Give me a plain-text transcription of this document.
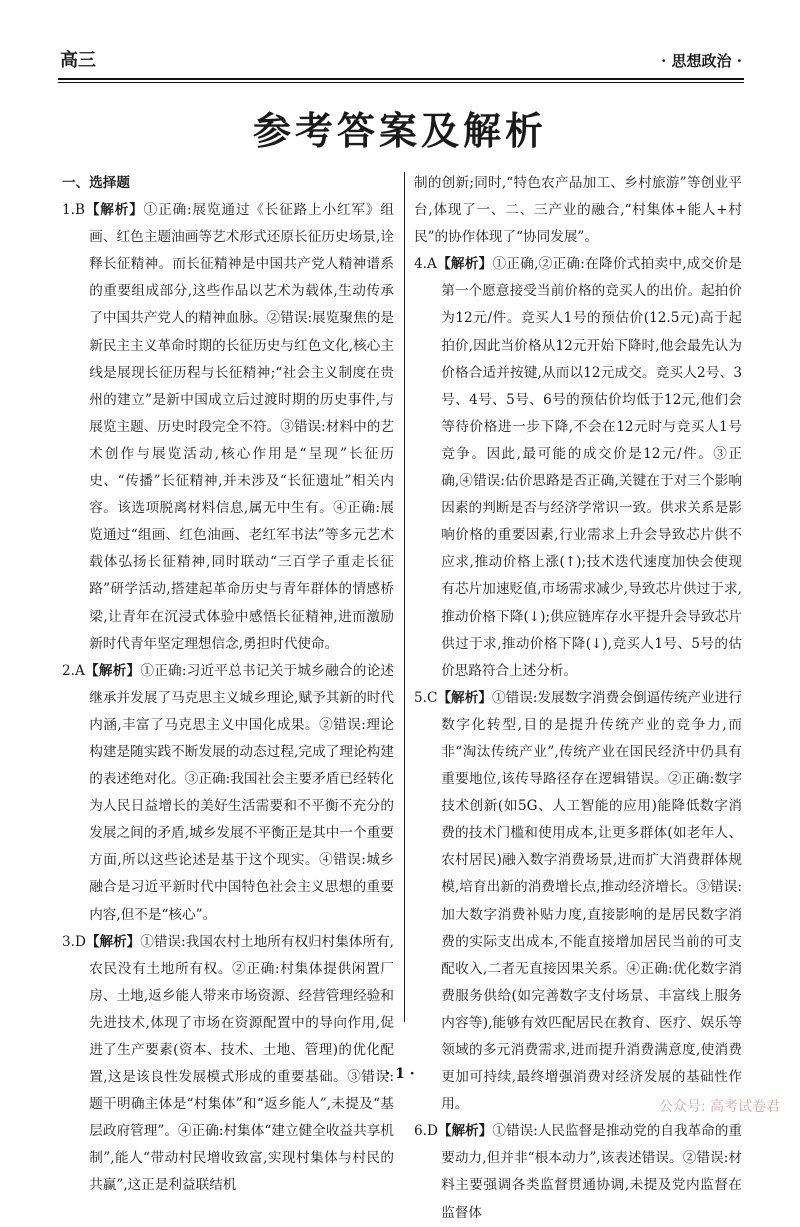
高三	· 思想政治 ·
参考答案及解析

一、选择题

1.B【解析】①正确:展览通过《长征路上小红军》组画、红色主题油画等艺术形式还原长征历史场景,诠释长征精神。而长征精神是中国共产党人精神谱系的重要组成部分,这些作品以艺术为载体,生动传承了中国共产党人的精神血脉。②错误:展览聚焦的是新民主主义革命时期的长征历史与红色文化,核心主线是展现长征历程与长征精神;“社会主义制度在贵州的建立”是新中国成立后过渡时期的历史事件,与展览主题、历史时段完全不符。③错误:材料中的艺术创作与展览活动,核心作用是“呈现”长征历史、“传播”长征精神,并未涉及“长征遗址”相关内容。该选项脱离材料信息,属无中生有。④正确:展览通过“组画、红色油画、老红军书法”等多元艺术载体弘扬长征精神,同时联动“三百学子重走长征路”研学活动,搭建起革命历史与青年群体的情感桥梁,让青年在沉浸式体验中感悟长征精神,进而激励新时代青年坚定理想信念,勇担时代使命。

2.A【解析】①正确:习近平总书记关于城乡融合的论述继承并发展了马克思主义城乡理论,赋予其新的时代内涵,丰富了马克思主义中国化成果。②错误:理论构建是随实践不断发展的动态过程,完成了理论构建的表述绝对化。③正确:我国社会主要矛盾已经转化为人民日益增长的美好生活需要和不平衡不充分的发展之间的矛盾,城乡发展不平衡正是其中一个重要方面,所以这些论述是基于这个现实。④错误:城乡融合是习近平新时代中国特色社会主义思想的重要内容,但不是“核心”。

3.D【解析】①错误:我国农村土地所有权归村集体所有,农民没有土地所有权。②正确:村集体提供闲置厂房、土地,返乡能人带来市场资源、经营管理经验和先进技术,体现了市场在资源配置中的导向作用,促进了生产要素(资本、技术、土地、管理)的优化配置,这是该良性发展模式形成的重要基础。③错误:题干明确主体是“村集体”和“返乡能人”,未提及“基层政府管理”。④正确:村集体“建立健全收益共享机制”,能人“带动村民增收致富,实现村集体与村民的共赢”,这正是利益联结机

制的创新;同时,“特色农产品加工、乡村旅游”等创业平台,体现了一、二、三产业的融合,“村集体+能人+村民”的协作体现了“协同发展”。

4.A【解析】①正确,②正确:在降价式拍卖中,成交价是第一个愿意接受当前价格的竞买人的出价。起拍价为12元/件。竞买人1号的预估价(12.5元)高于起拍价,因此当价格从12元开始下降时,他会最先认为价格合适并按键,从而以12元成交。竞买人2号、3号、4号、5号、6号的预估价均低于12元,他们会等待价格进一步下降,不会在12元时与竞买人1号竞争。因此,最可能的成交价是12元/件。③正确,④错误:估价思路是否正确,关键在于对三个影响因素的判断是否与经济学常识一致。供求关系是影响价格的重要因素,行业需求上升会导致芯片供不应求,推动价格上涨(↑);技术迭代速度加快会使现有芯片加速贬值,市场需求减少,导致芯片供过于求,推动价格下降(↓);供应链库存水平提升会导致芯片供过于求,推动价格下降(↓),竞买人1号、5号的估价思路符合上述分析。

5.C【解析】①错误:发展数字消费会倒逼传统产业进行数字化转型,目的是提升传统产业的竞争力,而非“淘汰传统产业”,传统产业在国民经济中仍具有重要地位,该传导路径存在逻辑错误。②正确:数字技术创新(如5G、人工智能的应用)能降低数字消费的技术门槛和使用成本,让更多群体(如老年人、农村居民)融入数字消费场景,进而扩大消费群体规模,培育出新的消费增长点,推动经济增长。③错误:加大数字消费补贴力度,直接影响的是居民数字消费的实际支出成本,不能直接增加居民当前的可支配收入,二者无直接因果关系。④正确:优化数字消费服务供给(如完善数字支付场景、丰富线上服务内容等),能够有效匹配居民在教育、医疗、娱乐等领域的多元消费需求,进而提升消费满意度,使消费更加可持续,最终增强消费对经济发展的基础性作用。

6.D【解析】①错误:人民监督是推动党的自我革命的重要动力,但并非“根本动力”,该表述错误。②错误:材料主要强调各类监督贯通协调,未提及党内监督在监督体

· 1 ·
公众号: 高考试卷君
